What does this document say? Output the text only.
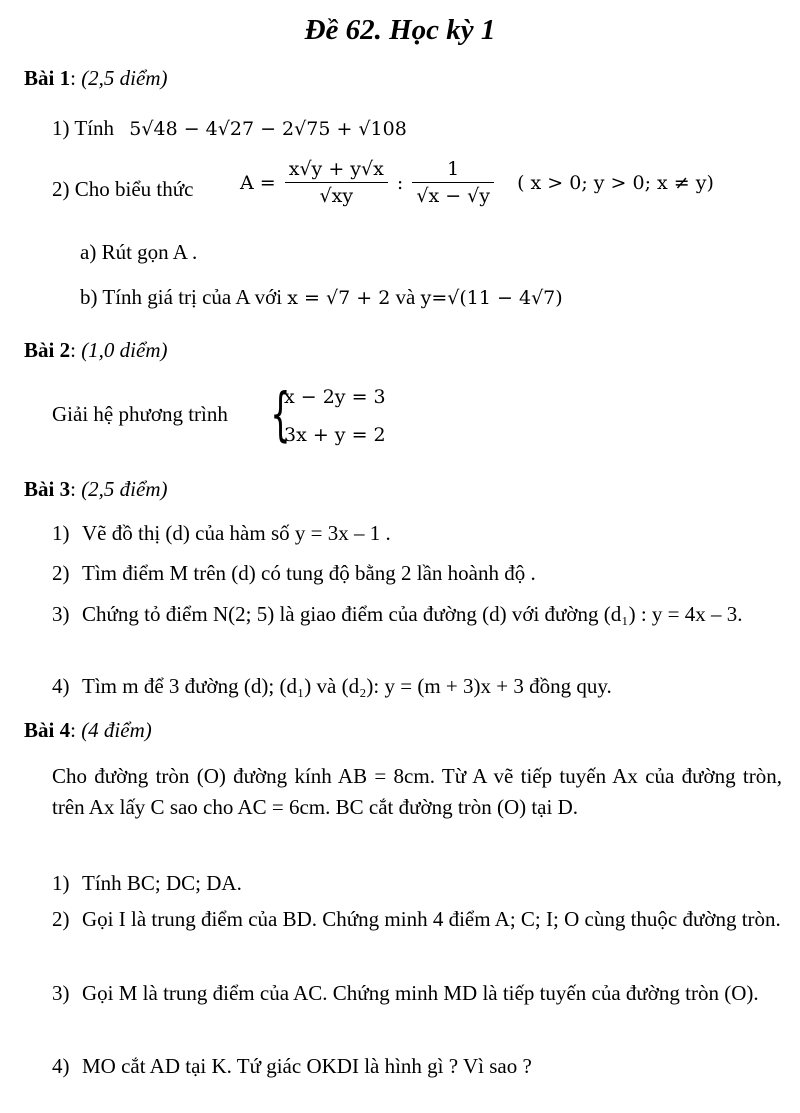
Đề 62. Học kỳ 1
Bài 1: (2,5 diểm)
1) Tính 5√48 − 4√27 − 2√75 + √108
2) Cho biểu thức $A = \frac{x√y + y√x}{√xy}$ : $\frac{1}{√x - √y}$ ( x > 0; y > 0; x ≠ y)
a) Rút gọn A .
b) Tính giá trị của A với x = √7 + 2 và y=√(11 − 4√7)
Bài 2: (1,0 diểm)
Giải hệ phương trình {
x − 2y = 3
3x + y = 2
Bài 3: (2,5 điểm)
1) Vẽ đồ thị (d) của hàm số y = 3x – 1 .
2) Tìm điểm M trên (d) có tung độ bằng 2 lần hoành độ .
3) Chứng tỏ điểm N(2; 5) là giao điểm của đường (d) với đường (d₁) : y = 4x – 3.
4) Tìm m để 3 đường (d); (d₁) và (d₂): y = (m + 3)x + 3 đồng quy.
Bài 4: (4 điểm)
Cho đường tròn (O) đường kính AB = 8cm. Từ A vẽ tiếp tuyến Ax của đường tròn, trên Ax lấy C sao cho AC = 6cm. BC cắt đường tròn (O) tại D.
1) Tính BC; DC; DA.
2) Gọi I là trung điểm của BD. Chứng minh 4 điểm A; C; I; O cùng thuộc đường tròn.
3) Gọi M là trung điểm của AC. Chứng minh MD là tiếp tuyến của đường tròn (O).
4) MO cắt AD tại K. Tứ giác OKDI là hình gì ? Vì sao ?
